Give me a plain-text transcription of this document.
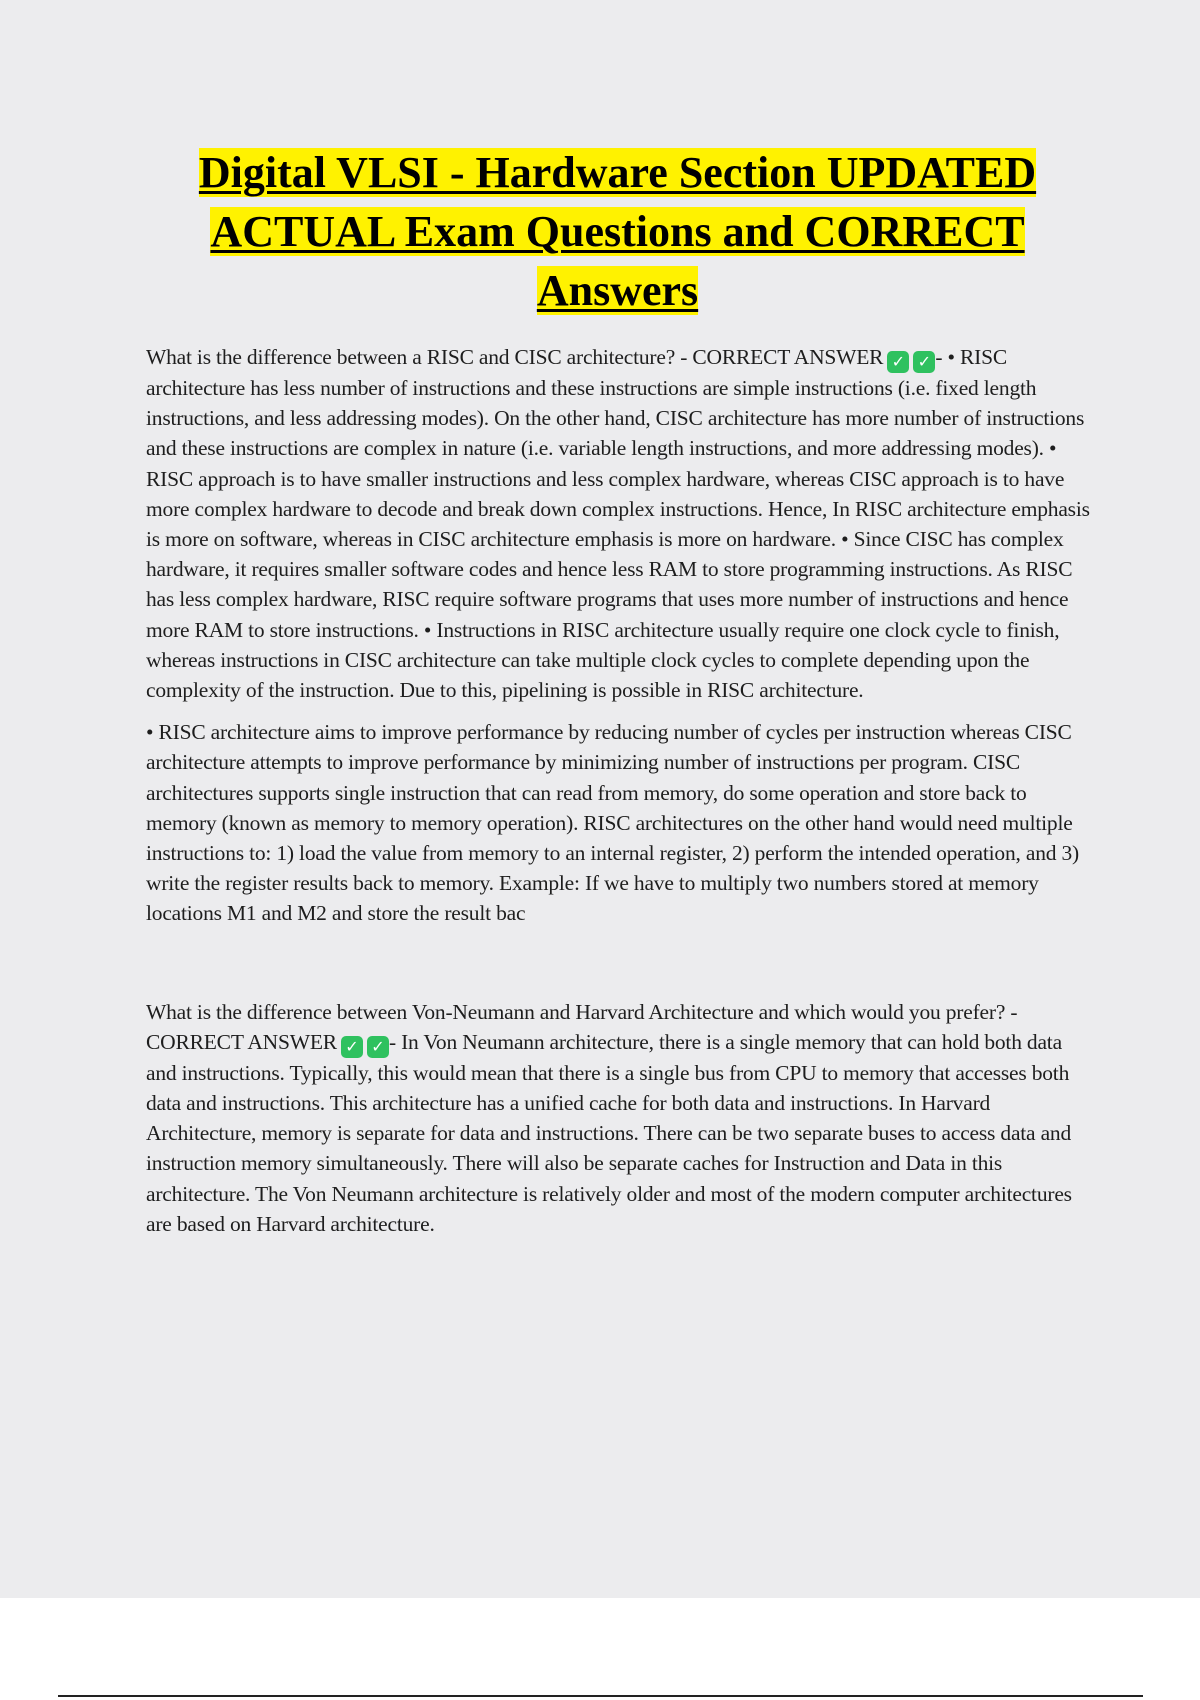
Digital VLSI - Hardware Section UPDATED ACTUAL Exam Questions and CORRECT Answers

What is the difference between a RISC and CISC architecture? - CORRECT ANSWER ✓ ✓ - • RISC architecture has less number of instructions and these instructions are simple instructions (i.e. fixed length instructions, and less addressing modes). On the other hand, CISC architecture has more number of instructions and these instructions are complex in nature (i.e. variable length instructions, and more addressing modes). • RISC approach is to have smaller instructions and less complex hardware, whereas CISC approach is to have more complex hardware to decode and break down complex instructions. Hence, In RISC architecture emphasis is more on software, whereas in CISC architecture emphasis is more on hardware. • Since CISC has complex hardware, it requires smaller software codes and hence less RAM to store programming instructions. As RISC has less complex hardware, RISC require software programs that uses more number of instructions and hence more RAM to store instructions. • Instructions in RISC architecture usually require one clock cycle to finish, whereas instructions in CISC architecture can take multiple clock cycles to complete depending upon the complexity of the instruction. Due to this, pipelining is possible in RISC architecture.

• RISC architecture aims to improve performance by reducing number of cycles per instruction whereas CISC architecture attempts to improve performance by minimizing number of instructions per program. CISC architectures supports single instruction that can read from memory, do some operation and store back to memory (known as memory to memory operation). RISC architectures on the other hand would need multiple instructions to: 1) load the value from memory to an internal register, 2) perform the intended operation, and 3) write the register results back to memory. Example: If we have to multiply two numbers stored at memory locations M1 and M2 and store the result bac

What is the difference between Von-Neumann and Harvard Architecture and which would you prefer? - CORRECT ANSWER ✓ ✓ - In Von Neumann architecture, there is a single memory that can hold both data and instructions. Typically, this would mean that there is a single bus from CPU to memory that accesses both data and instructions. This architecture has a unified cache for both data and instructions. In Harvard Architecture, memory is separate for data and instructions. There can be two separate buses to access data and instruction memory simultaneously. There will also be separate caches for Instruction and Data in this architecture. The Von Neumann architecture is relatively older and most of the modern computer architectures are based on Harvard architecture.
